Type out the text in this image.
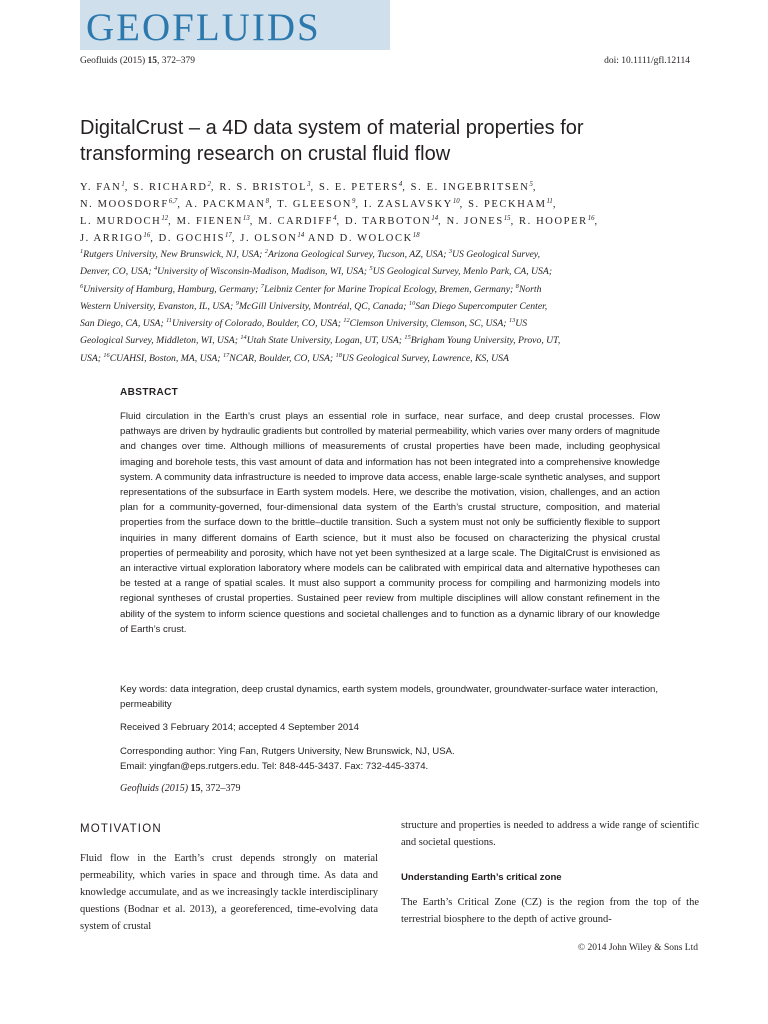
GEOFLUIDS
Geofluids (2015) 15, 372–379	doi: 10.1111/gfl.12114
DigitalCrust – a 4D data system of material properties for
transforming research on crustal fluid flow
Y. FAN$^1$, S. RICHARD$^2$, R. S. BRISTOL$^3$, S. E. PETERS$^4$, S. E. INGEBRITSEN$^5$,
N. MOOSDORF$^{6,7}$, A. PACKMAN$^8$, T. GLEESON$^9$, I. ZASLAVSKY$^{10}$, S. PECKHAM$^{11}$,
L. MURDOCH$^{12}$, M. FIENEN$^{13}$, M. CARDIFF$^4$, D. TARBOTON$^{14}$, N. JONES$^{15}$, R. HOOPER$^{16}$,
J. ARRIGO$^{16}$, D. GOCHIS$^{17}$, J. OLSON$^{14}$ AND D. WOLOCK$^{18}$
$^1$Rutgers University, New Brunswick, NJ, USA; $^2$Arizona Geological Survey, Tucson, AZ, USA; $^3$US Geological Survey,
Denver, CO, USA; $^4$University of Wisconsin-Madison, Madison, WI, USA; $^5$US Geological Survey, Menlo Park, CA, USA;
$^6$University of Hamburg, Hamburg, Germany; $^7$Leibniz Center for Marine Tropical Ecology, Bremen, Germany; $^8$North
Western University, Evanston, IL, USA; $^9$McGill University, Montréal, QC, Canada; $^{10}$San Diego Supercomputer Center,
San Diego, CA, USA; $^{11}$University of Colorado, Boulder, CO, USA; $^{12}$Clemson University, Clemson, SC, USA; $^{13}$US
Geological Survey, Middleton, WI, USA; $^{14}$Utah State University, Logan, UT, USA; $^{15}$Brigham Young University, Provo, UT,
USA; $^{16}$CUAHSI, Boston, MA, USA; $^{17}$NCAR, Boulder, CO, USA; $^{18}$US Geological Survey, Lawrence, KS, USA
ABSTRACT

Fluid circulation in the Earth’s crust plays an essential role in surface, near surface, and deep crustal processes. Flow pathways are driven by hydraulic gradients but controlled by material permeability, which varies over many orders of magnitude and changes over time. Although millions of measurements of crustal properties have been made, including geophysical imaging and borehole tests, this vast amount of data and information has not been integrated into a comprehensive knowledge system. A community data infrastructure is needed to improve data access, enable large-scale synthetic analyses, and support representations of the subsurface in Earth system models. Here, we describe the motivation, vision, challenges, and an action plan for a community-governed, four-dimensional data system of the Earth’s crustal structure, composition, and material properties from the surface down to the brittle–ductile transition. Such a system must not only be sufficiently flexible to support inquiries in many different domains of Earth science, but it must also be focused on characterizing the physical crustal properties of permeability and porosity, which have not yet been synthesized at a large scale. The DigitalCrust is envisioned as an interactive virtual exploration laboratory where models can be calibrated with empirical data and alternative hypotheses can be tested at a range of spatial scales. It must also support a community process for compiling and harmonizing models into regional syntheses of crustal properties. Sustained peer review from multiple disciplines will allow constant refinement in the ability of the system to inform science questions and societal challenges and to function as a dynamic library of our knowledge of Earth’s crust.

Key words: data integration, deep crustal dynamics, earth system models, groundwater, groundwater-surface water interaction, permeability

Received 3 February 2014; accepted 4 September 2014

Corresponding author: Ying Fan, Rutgers University, New Brunswick, NJ, USA.

Email: yingfan@eps.rutgers.edu. Tel: 848-445-3437. Fax: 732-445-3374.

Geofluids (2015) 15, 372–379
MOTIVATION

Fluid flow in the Earth’s crust depends strongly on material permeability, which varies in space and through time. As data and knowledge accumulate, and as we increasingly tackle interdisciplinary questions (Bodnar et al. 2013), a georeferenced, time-evolving data system of crustal

structure and properties is needed to address a wide range of scientific and societal questions.

Understanding Earth’s critical zone

The Earth’s Critical Zone (CZ) is the region from the top of the terrestrial biosphere to the depth of active ground-

© 2014 John Wiley & Sons Ltd
